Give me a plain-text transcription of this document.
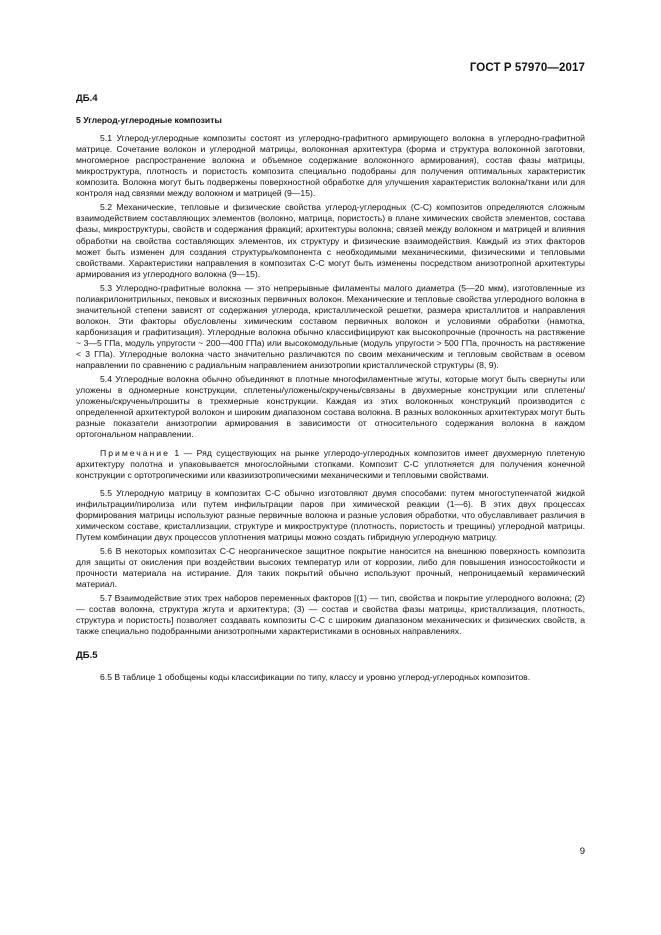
ГОСТ Р 57970—2017
ДБ.4
5 Углерод-углеродные композиты

5.1 Углерод-углеродные композиты состоят из углеродно-графитного армирующего волокна в углеродно-графитной матрице. Сочетание волокон и углеродной матрицы, волоконная архитектура (форма и структура волоконной заготовки, многомерное распространение волокна и объемное содержание волоконного армирования), состав фазы матрицы, микроструктура, плотность и пористость композита специально подобраны для получения оптимальных характеристик композита. Волокна могут быть подвержены поверхностной обработке для улучшения характеристик волокна/ткани или для контроля над связями между волокном и матрицей (9—15).

5.2 Механические, тепловые и физические свойства углерод-углеродных (С-С) композитов определяются сложным взаимодействием составляющих элементов (волокно, матрица, пористость) в плане химических свойств элементов, состава фазы, микроструктуры, свойств и содержания фракций; архитектуры волокна; связей между волокном и матрицей и влияния обработки на свойства составляющих элементов, их структуру и физические взаимодействия. Каждый из этих факторов может быть изменен для создания структуры/компонента с необходимыми механическими, физическими и тепловыми свойствами. Характеристики направления в композитах С-С могут быть изменены посредством анизотропной архитектуры армирования из углеродного волокна (9—15).

5.3 Углеродно-графитные волокна — это непрерывные филаменты малого диаметра (5—20 мкм), изготовленные из полиакрилонитрильных, пековых и вискозных первичных волокон. Механические и тепловые свойства углеродного волокна в значительной степени зависят от содержания углерода, кристаллической решетки, размера кристаллитов и направления волокон. Эти факторы обусловлены химическим составом первичных волокон и условиями обработки (намотка, карбонизация и графитизация). Углеродные волокна обычно классифицируют как высокопрочные (прочность на растяжение ~ 3—5 ГПа, модуль упругости ~ 200—400 ГПа) или высокомодульные (модуль упругости > 500 ГПа, прочность на растяжение < 3 ГПа). Углеродные волокна часто значительно различаются по своим механическим и тепловым свойствам в осевом направлении по сравнению с радиальным направлением анизотропии кристаллической структуры (8, 9).

5.4 Углеродные волокна обычно объединяют в плотные многофиламентные жгуты, которые могут быть свернуты или уложены в одномерные конструкции, сплетены/уложены/скручены/связаны в двухмерные конструкции или сплетены/уложены/скручены/прошиты в трехмерные конструкции. Каждая из этих волоконных конструкций производится с определенной архитектурой волокон и широким диапазоном состава волокна. В разных волоконных архитектурах могут быть разные показатели анизотропии армирования в зависимости от относительного содержания волокна в каждом ортогональном направлении.

Примечание 1 — Ряд существующих на рынке углеродо-углеродных композитов имеет двухмерную плетеную архитектуру полотна и упаковывается многослойными стопками. Композит С-С уплотняется для получения конечной конструкции с ортотропическими или квазиизотропическими механическими и тепловыми свойствами.

5.5 Углеродную матрицу в композитах С-С обычно изготовляют двумя способами: путем многоступенчатой жидкой инфильтрации/пиролиза или путем инфильтрации паров при химической реакции (1—6). В этих двух процессах формирования матрицы используют разные первичные волокна и разные условия обработки, что обуславливает различия в химическом составе, кристаллизации, структуре и микроструктуре (плотность, пористость и трещины) углеродной матрицы. Путем комбинации двух процессов уплотнения матрицы можно создать гибридную углеродную матрицу.

5.6 В некоторых композитах С-С неорганическое защитное покрытие наносится на внешнюю поверхность композита для защиты от окисления при воздействии высоких температур или от коррозии, либо для повышения износостойкости и прочности материала на истирание. Для таких покрытий обычно используют прочный, непроницаемый керамический материал.

5.7 Взаимодействие этих трех наборов переменных факторов [(1) — тип, свойства и покрытие углеродного волокна; (2) — состав волокна, структура жгута и архитектура; (3) — состав и свойства фазы матрицы, кристаллизация, плотность, структура и пористость] позволяет создавать композиты С-С с широким диапазоном механических и физических свойств, а также специально подобранными анизотропными характеристиками в основных направлениях.

ДБ.5

6.5 В таблице 1 обобщены коды классификации по типу, классу и уровню углерод-углеродных композитов.

9
